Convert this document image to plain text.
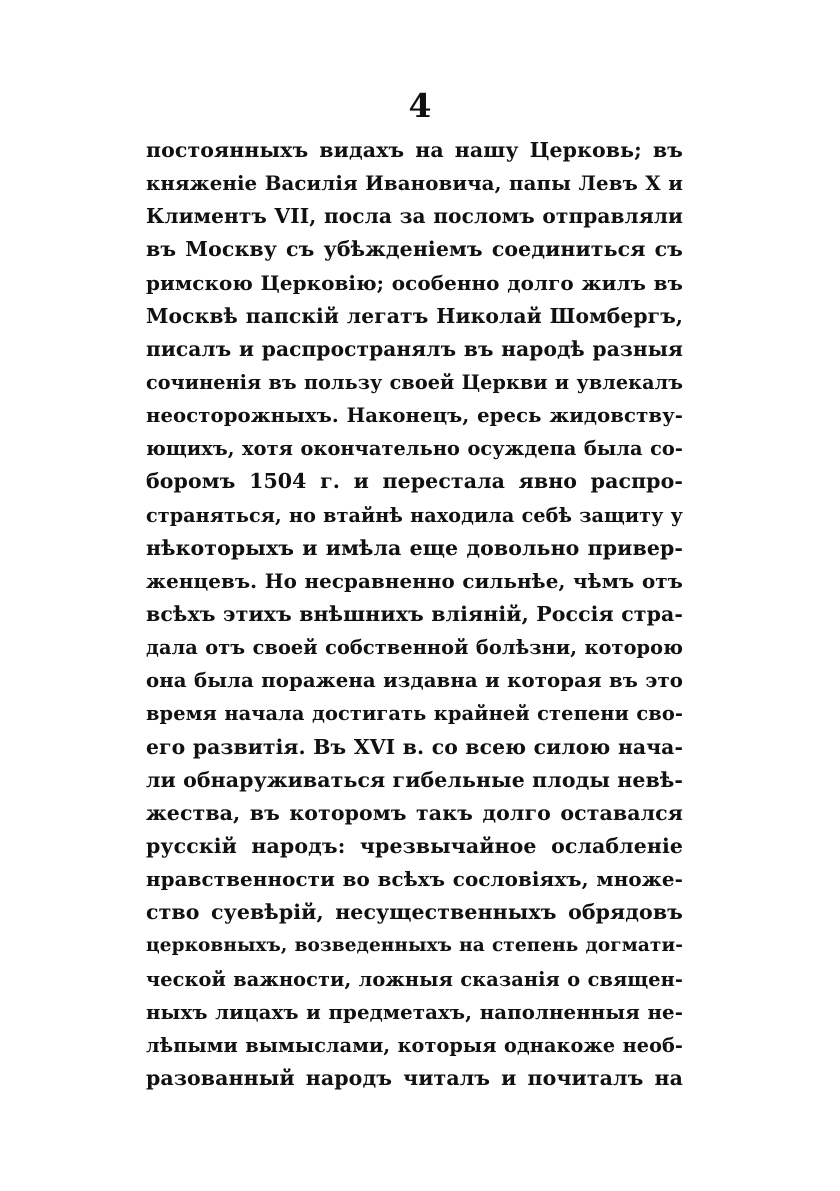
4
постоянныхъ видахъ на нашу Церковь; въ
княженіе Василія Ивановича, папы Левъ X и
Климентъ VII, посла за посломъ отправляли
въ Москву съ убѣжденіемъ соединиться съ
римскою Церковію; особенно долго жилъ въ
Москвѣ папскій легатъ Николай Шомбергъ,
писалъ и распространялъ въ народѣ разныя
сочиненія въ пользу своей Церкви и увлекалъ
неосторожныхъ. Наконецъ, ересь жидовству-
ющихъ, хотя окончательно осуждепа была со-
боромъ 1504 г. и перестала явно распро-
страняться, но втайнѣ находила себѣ защиту у
нѣкоторыхъ и имѣла еще довольно привер-
женцевъ. Но несравненно сильнѣе, чѣмъ отъ
всѣхъ этихъ внѣшнихъ вліяній, Россія стра-
дала отъ своей собственной болѣзни, которою
она была поражена издавна и которая въ это
время начала достигать крайней степени сво-
его развитія. Въ XVI в. со всею силою нача-
ли обнаруживаться гибельные плоды невѣ-
жества, въ которомъ такъ долго оставался
русскій народъ: чрезвычайное ослабленіе
нравственности во всѣхъ сословіяхъ, множе-
ство суевѣрій, несущественныхъ обрядовъ
церковныхъ, возведенныхъ на степень догмати-
ческой важности, ложныя сказанія о священ-
ныхъ лицахъ и предметахъ, наполненныя не-
лѣпыми вымыслами, которыя однакоже необ-
разованный народъ читалъ и почиталъ на
